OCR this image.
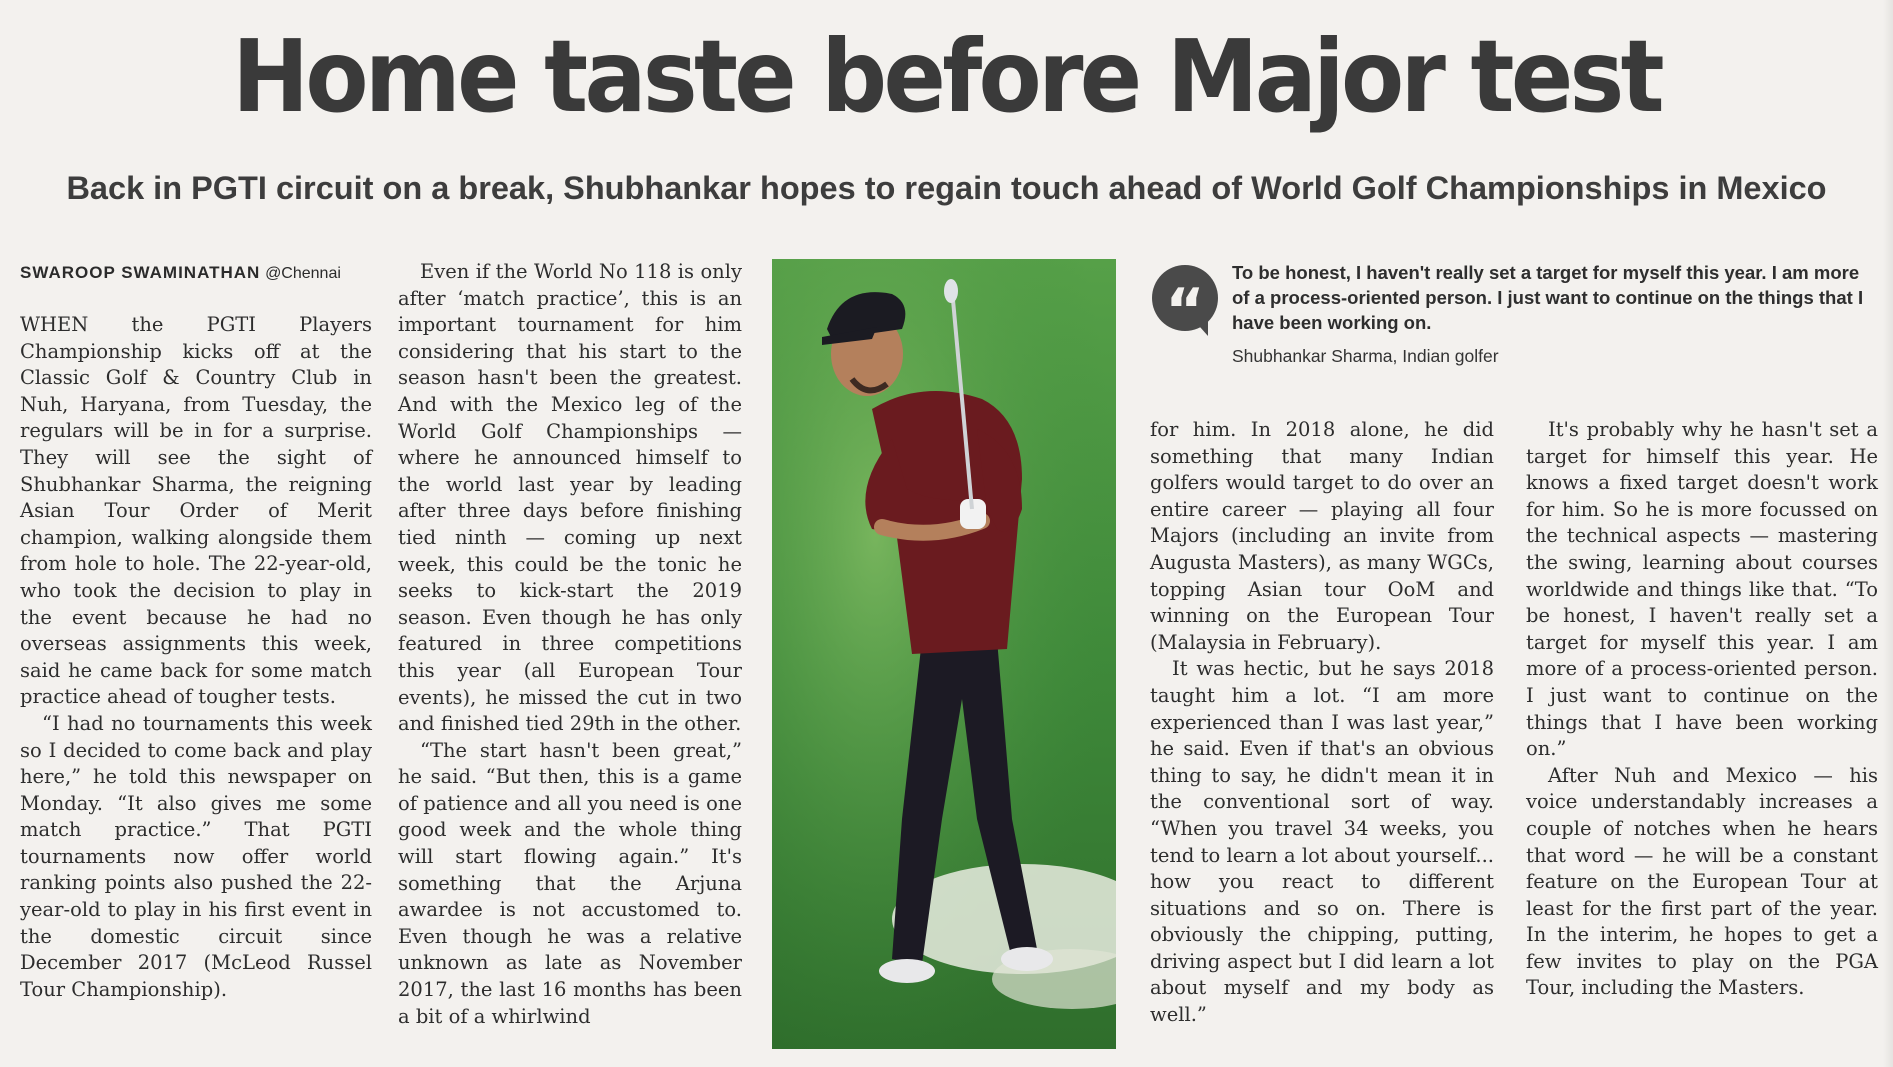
Home taste before Major test
Back in PGTI circuit on a break, Shubhankar hopes to regain touch ahead of World Golf Championships in Mexico
SWAROOP SWAMINATHAN @Chennai

WHEN the PGTI Players Championship kicks off at the Classic Golf & Country Club in Nuh, Haryana, from Tuesday, the regulars will be in for a surprise. They will see the sight of Shubhankar Sharma, the reigning Asian Tour Order of Merit champion, walking alongside them from hole to hole. The 22-year-old, who took the decision to play in the event because he had no overseas assignments this week, said he came back for some match practice ahead of tougher tests.

“I had no tournaments this week so I decided to come back and play here,” he told this newspaper on Monday. “It also gives me some match practice.” That PGTI tournaments now offer world ranking points also pushed the 22-year-old to play in his first event in the domestic circuit since December 2017 (McLeod Russel Tour Championship).

Even if the World No 118 is only after ‘match practice’, this is an important tournament for him considering that his start to the season hasn't been the greatest. And with the Mexico leg of the World Golf Championships — where he announced himself to the world last year by leading after three days before finishing tied ninth — coming up next week, this could be the tonic he seeks to kick-start the 2019 season. Even though he has only featured in three competitions this year (all European Tour events), he missed the cut in two and finished tied 29th in the other.

“The start hasn't been great,” he said. “But then, this is a game of patience and all you need is one good week and the whole thing will start flowing again.” It's something that the Arjuna awardee is not accustomed to. Even though he was a relative unknown as late as November 2017, the last 16 months has been a bit of a whirlwind

“

To be honest, I haven't really set a target for myself this year. I am more of a process-oriented person. I just want to continue on the things that I have been working on.

Shubhankar Sharma, Indian golfer

for him. In 2018 alone, he did something that many Indian golfers would target to do over an entire career — playing all four Majors (including an invite from Augusta Masters), as many WGCs, topping Asian tour OoM and winning on the European Tour (Malaysia in February).

It was hectic, but he says 2018 taught him a lot. “I am more experienced than I was last year,” he said. Even if that's an obvious thing to say, he didn't mean it in the conventional sort of way. “When you travel 34 weeks, you tend to learn a lot about yourself... how you react to different situations and so on. There is obviously the chipping, putting, driving aspect but I did learn a lot about myself and my body as well.”

It's probably why he hasn't set a target for himself this year. He knows a fixed target doesn't work for him. So he is more focussed on the technical aspects — mastering the swing, learning about courses worldwide and things like that. “To be honest, I haven't really set a target for myself this year. I am more of a process-oriented person. I just want to continue on the things that I have been working on.”

After Nuh and Mexico — his voice understandably increases a couple of notches when he hears that word — he will be a constant feature on the European Tour at least for the first part of the year. In the interim, he hopes to get a few invites to play on the PGA Tour, including the Masters.
